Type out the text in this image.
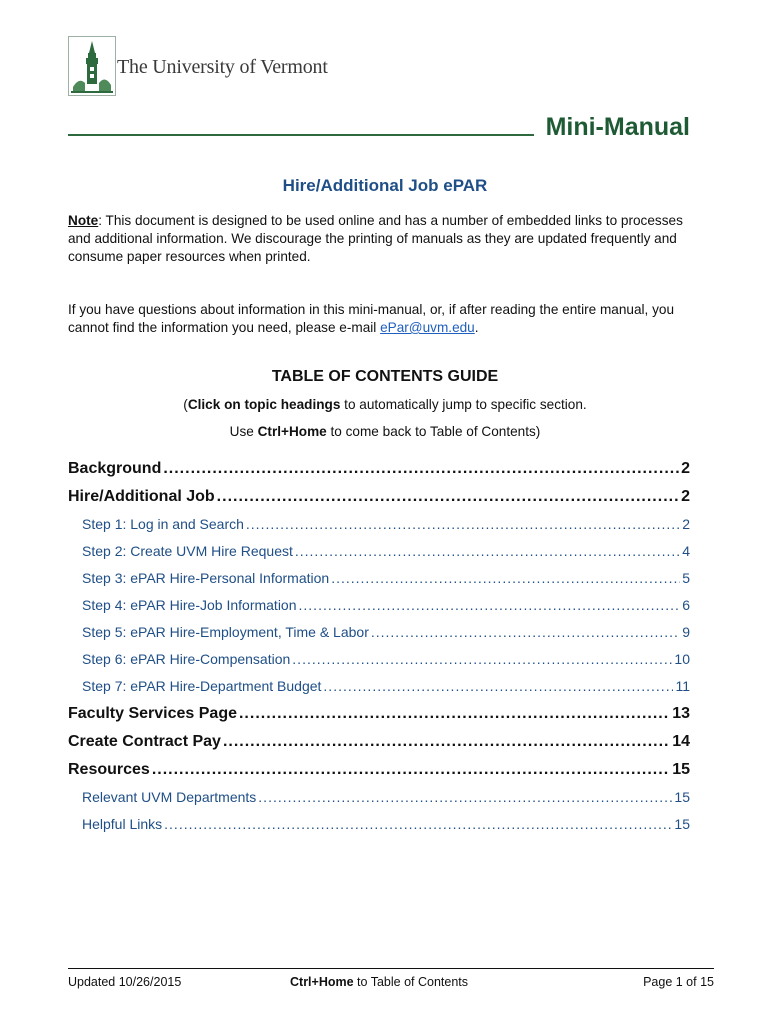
The University of Vermont
Mini-Manual
Hire/Additional Job ePAR
Note: This document is designed to be used online and has a number of embedded links to processes and additional information. We discourage the printing of manuals as they are updated frequently and consume paper resources when printed.
If you have questions about information in this mini-manual, or, if after reading the entire manual, you cannot find the information you need, please e-mail ePar@uvm.edu.
TABLE OF CONTENTS GUIDE
(Click on topic headings to automatically jump to specific section.
Use Ctrl+Home to come back to Table of Contents)
Background .....	2
Hire/Additional Job .....	2
Step 1: Log in and Search .....	2
Step 2: Create UVM Hire Request .....	4
Step 3: ePAR Hire-Personal Information .....	5
Step 4: ePAR Hire-Job Information .....	6
Step 5: ePAR Hire-Employment, Time & Labor .....	9
Step 6: ePAR Hire-Compensation .....	10
Step 7: ePAR Hire-Department Budget .....	11
Faculty Services Page .....	13
Create Contract Pay .....	14
Resources .....	15
Relevant UVM Departments .....	15
Helpful Links .....	15
Updated 10/26/2015	Ctrl+Home to Table of Contents	Page 1 of 15
